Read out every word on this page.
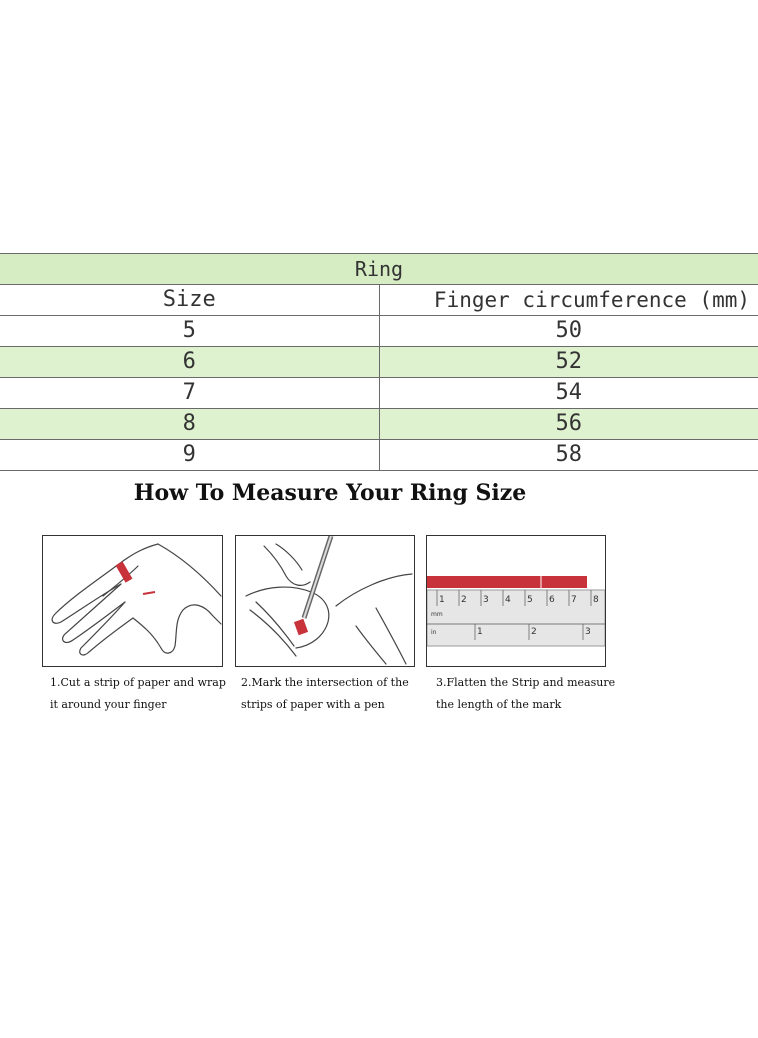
Ring	
Size	Finger circumference (mm)
5	50
6	52
7	54
8	56
9	58
How To Measure Your Ring Size
mm
1 2 3 4 5 6 7 8
in	1	2	3
1.Cut a strip of paper and wrap
it around your finger
2.Mark the intersection of the
strips of paper with a pen
3.Flatten the Strip and measure
the length of the mark
